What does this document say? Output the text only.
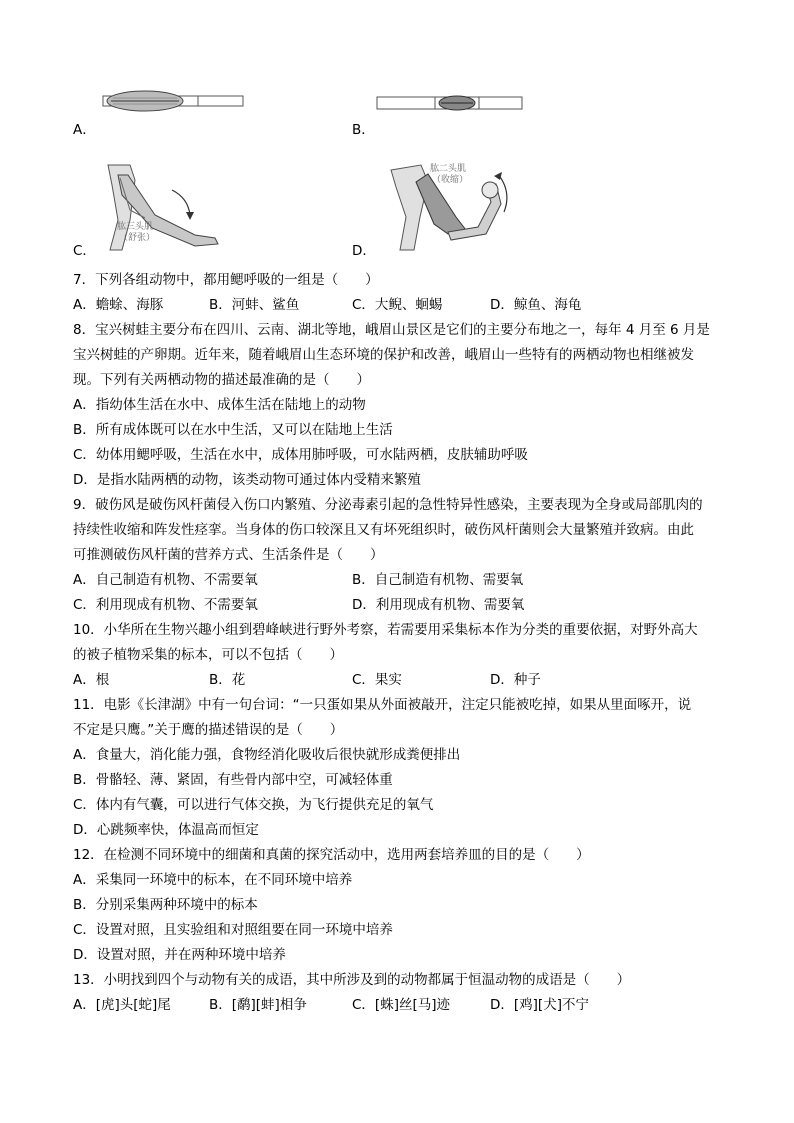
A．	B．
肱三头肌
（舒张）
C．
肱二头肌
（收缩）
D．
7．下列各组动物中，都用鳃呼吸的一组是（　　）
A．蟾蜍、海豚	B．河蚌、鲨鱼	C．大鲵、蛔蜴	D．鲸鱼、海龟
8．宝兴树蛙主要分布在四川、云南、湖北等地，峨眉山景区是它们的主要分布地之一，每年 4 月至 6 月是
宝兴树蛙的产卵期。近年来，随着峨眉山生态环境的保护和改善，峨眉山一些特有的两栖动物也相继被发
现。下列有关两栖动物的描述最准确的是（　　）
A．指幼体生活在水中、成体生活在陆地上的动物
B．所有成体既可以在水中生活，又可以在陆地上生活
C．幼体用鳃呼吸，生活在水中，成体用肺呼吸，可水陆两栖，皮肤辅助呼吸
D．是指水陆两栖的动物，该类动物可通过体内受精来繁殖
9．破伤风是破伤风杆菌侵入伤口内繁殖、分泌毒素引起的急性特异性感染，主要表现为全身或局部肌肉的
持续性收缩和阵发性痉挛。当身体的伤口较深且又有坏死组织时，破伤风杆菌则会大量繁殖并致病。由此
可推测破伤风杆菌的营养方式、生活条件是（　　）
A．自己制造有机物、不需要氧	B．自己制造有机物、需要氧
C．利用现成有机物、不需要氧	D．利用现成有机物、需要氧
10．小华所在生物兴趣小组到碧峰峡进行野外考察，若需要用采集标本作为分类的重要依据，对野外高大
的被子植物采集的标本，可以不包括（　　）
A．根	B．花	C．果实	D．种子
11．电影《长津湖》中有一句台词：“一只蛋如果从外面被敲开，注定只能被吃掉，如果从里面啄开，说
不定是只鹰。”关于鹰的描述错误的是（　　）
A．食量大，消化能力强，食物经消化吸收后很快就形成粪便排出
B．骨骼轻、薄、紧固，有些骨内部中空，可减轻体重
C．体内有气囊，可以进行气体交换，为飞行提供充足的氧气
D．心跳频率快，体温高而恒定
12．在检测不同环境中的细菌和真菌的探究活动中，选用两套培养皿的目的是（　　）
A．采集同一环境中的标本，在不同环境中培养
B．分别采集两种环境中的标本
C．设置对照，且实验组和对照组要在同一环境中培养
D．设置对照，并在两种环境中培养
13．小明找到四个与动物有关的成语，其中所涉及到的动物都属于恒温动物的成语是（　　）
A．[虎]头[蛇]尾	B．[鹬][蚌]相争	C．[蛛]丝[马]迹	D．[鸡][犬]不宁
